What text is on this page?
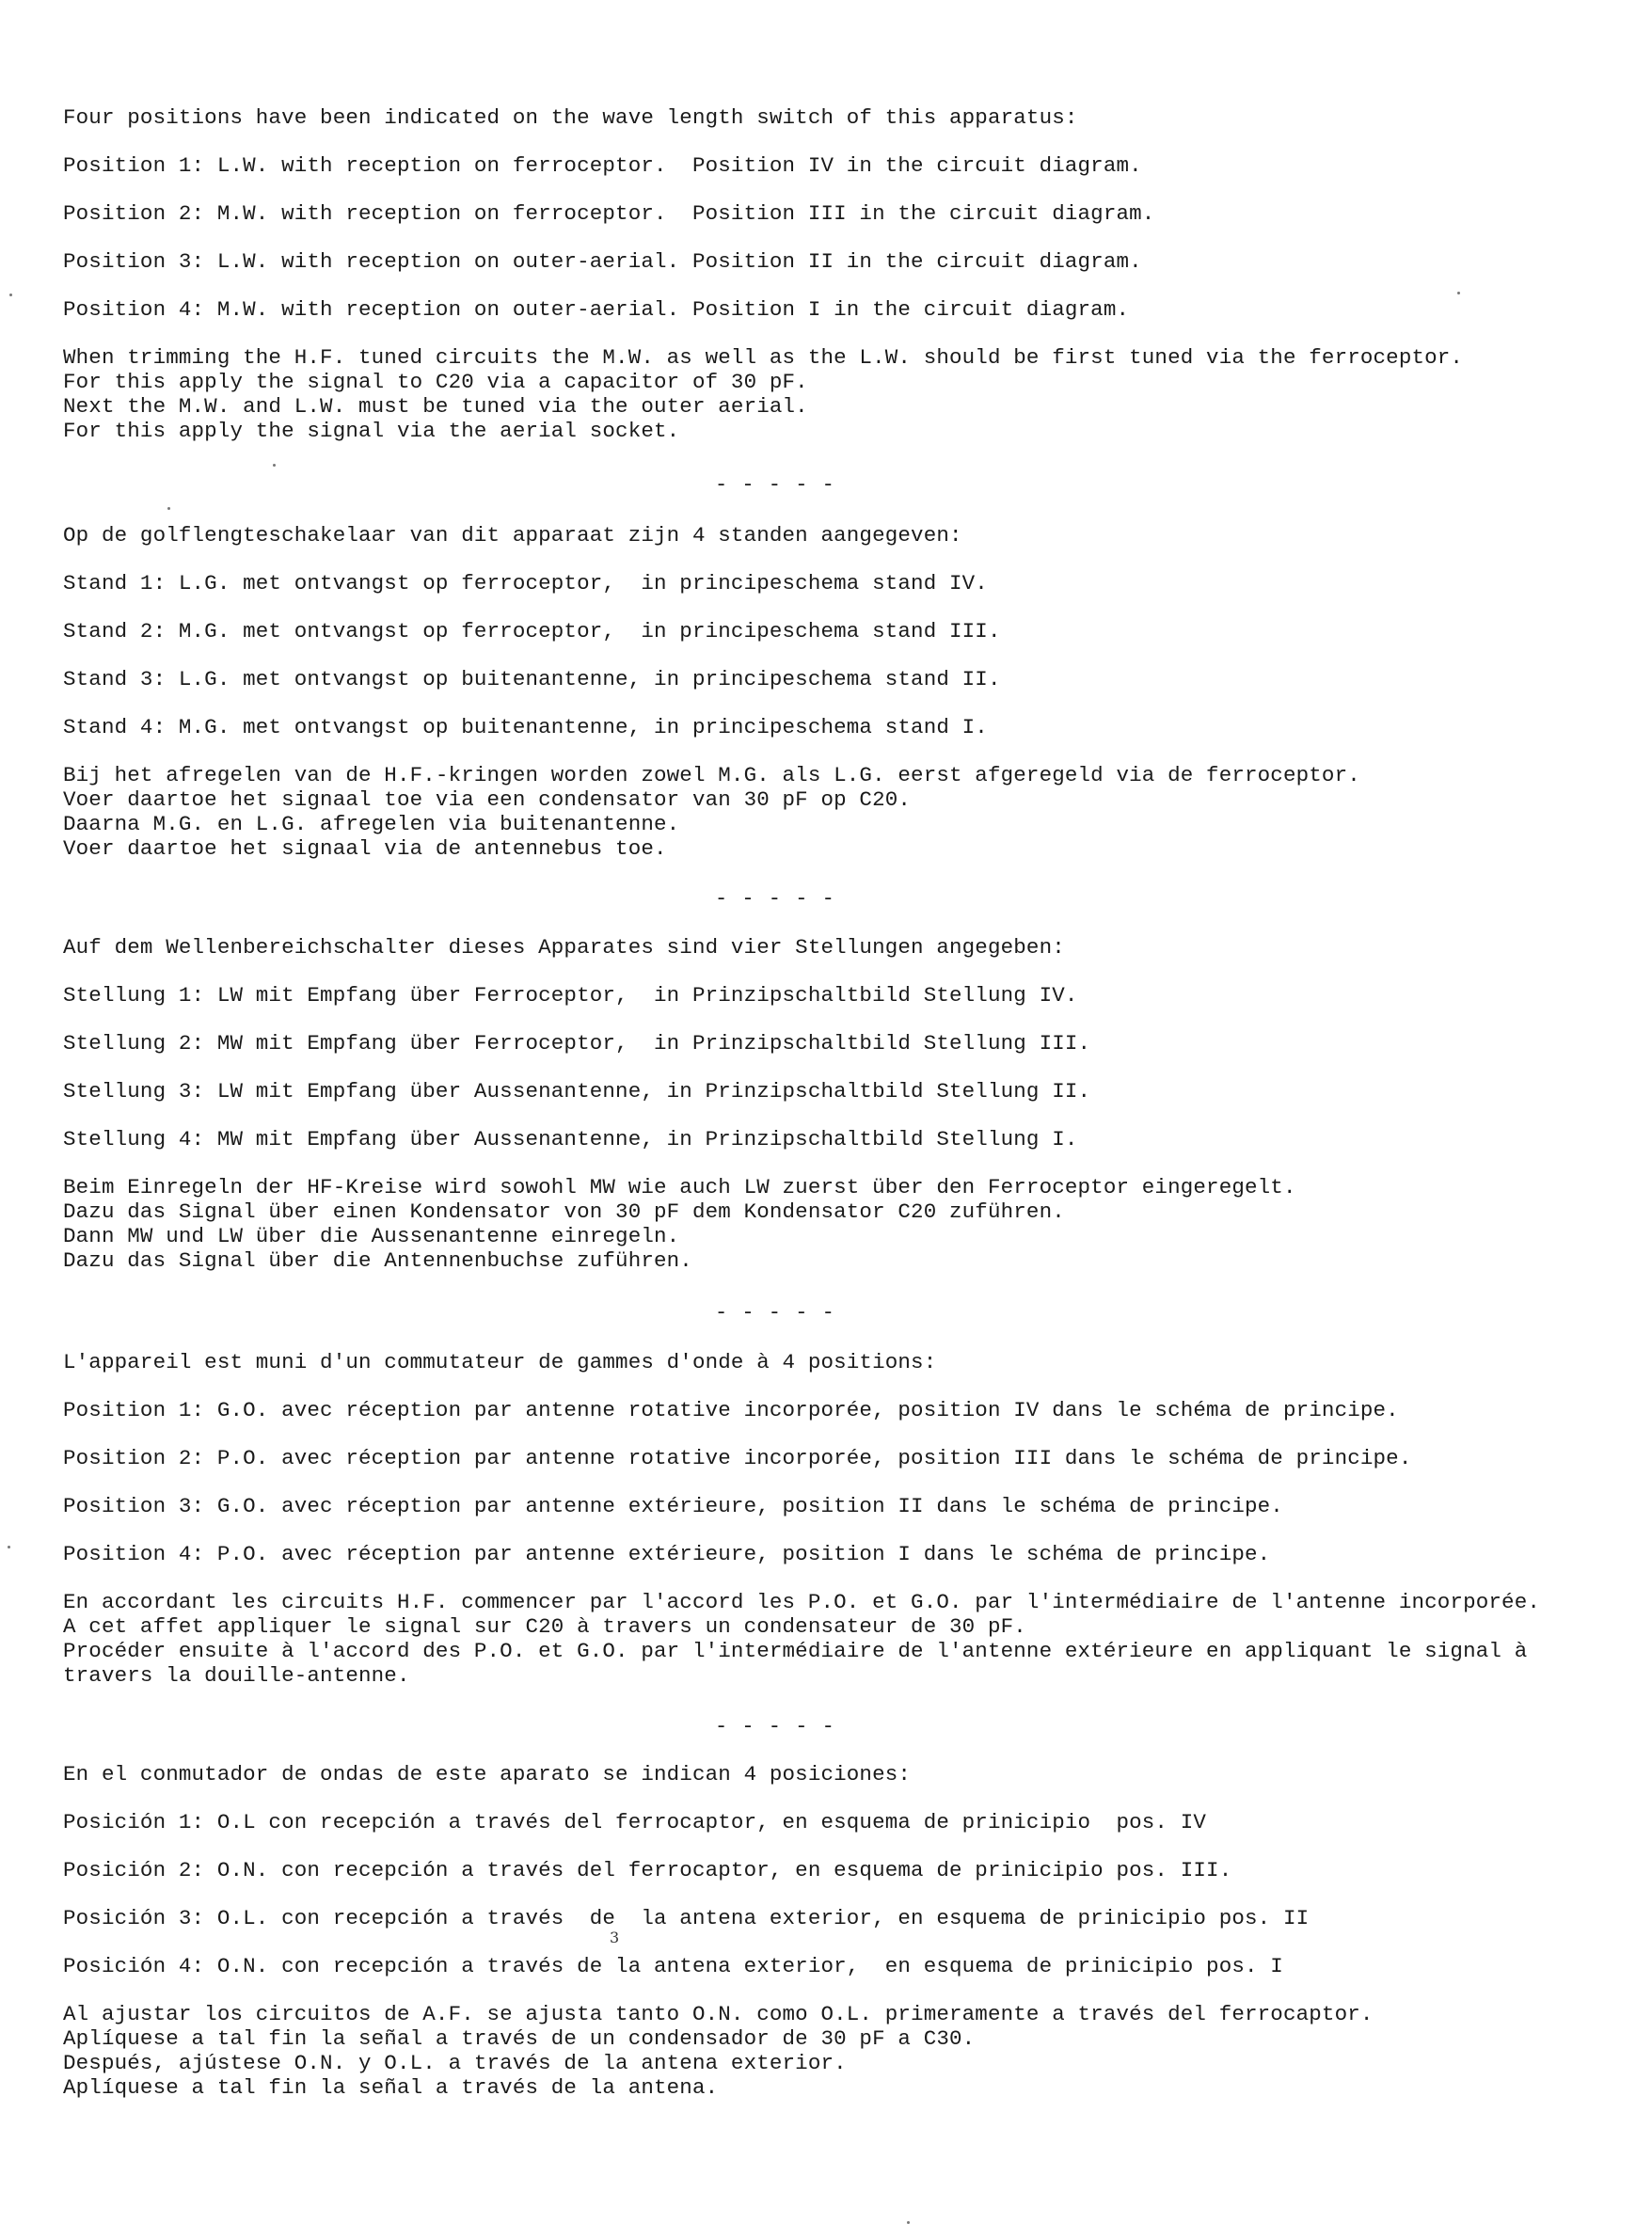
Four positions have been indicated on the wave length switch of this apparatus:
Position 1: L.W. with reception on ferroceptor.  Position IV in the circuit diagram.
Position 2: M.W. with reception on ferroceptor.  Position III in the circuit diagram.
Position 3: L.W. with reception on outer-aerial. Position II in the circuit diagram.
Position 4: M.W. with reception on outer-aerial. Position I in the circuit diagram.
When trimming the H.F. tuned circuits the M.W. as well as the L.W. should be first tuned via the ferroceptor.
For this apply the signal to C20 via a capacitor of 30 pF.
Next the M.W. and L.W. must be tuned via the outer aerial.
For this apply the signal via the aerial socket.
- - - - -
Op de golflengteschakelaar van dit apparaat zijn 4 standen aangegeven:
Stand 1: L.G. met ontvangst op ferroceptor,  in principeschema stand IV.
Stand 2: M.G. met ontvangst op ferroceptor,  in principeschema stand III.
Stand 3: L.G. met ontvangst op buitenantenne, in principeschema stand II.
Stand 4: M.G. met ontvangst op buitenantenne, in principeschema stand I.
Bij het afregelen van de H.F.-kringen worden zowel M.G. als L.G. eerst afgeregeld via de ferroceptor.
Voer daartoe het signaal toe via een condensator van 30 pF op C20.
Daarna M.G. en L.G. afregelen via buitenantenne.
Voer daartoe het signaal via de antennebus toe.
- - - - -
Auf dem Wellenbereichschalter dieses Apparates sind vier Stellungen angegeben:
Stellung 1: LW mit Empfang über Ferroceptor,  in Prinzipschaltbild Stellung IV.
Stellung 2: MW mit Empfang über Ferroceptor,  in Prinzipschaltbild Stellung III.
Stellung 3: LW mit Empfang über Aussenantenne, in Prinzipschaltbild Stellung II.
Stellung 4: MW mit Empfang über Aussenantenne, in Prinzipschaltbild Stellung I.
Beim Einregeln der HF-Kreise wird sowohl MW wie auch LW zuerst über den Ferroceptor eingeregelt.
Dazu das Signal über einen Kondensator von 30 pF dem Kondensator C20 zuführen.
Dann MW und LW über die Aussenantenne einregeln.
Dazu das Signal über die Antennenbuchse zuführen.
- - - - -
L'appareil est muni d'un commutateur de gammes d'onde à 4 positions:
Position 1: G.O. avec réception par antenne rotative incorporée, position IV dans le schéma de principe.
Position 2: P.O. avec réception par antenne rotative incorporée, position III dans le schéma de principe.
Position 3: G.O. avec réception par antenne extérieure, position II dans le schéma de principe.
Position 4: P.O. avec réception par antenne extérieure, position I dans le schéma de principe.
En accordant les circuits H.F. commencer par l'accord les P.O. et G.O. par l'intermédiaire de l'antenne incorporée.
A cet affet appliquer le signal sur C20 à travers un condensateur de 30 pF.
Procéder ensuite à l'accord des P.O. et G.O. par l'intermédiaire de l'antenne extérieure en appliquant le signal à
travers la douille-antenne.
- - - - -
En el conmutador de ondas de este aparato se indican 4 posiciones:
Posición 1: O.L con recepción a través del ferrocaptor, en esquema de prinicipio  pos. IV
Posición 2: O.N. con recepción a través del ferrocaptor, en esquema de prinicipio pos. III.
Posición 3: O.L. con recepción a través  de  la antena exterior, en esquema de prinicipio pos. II
Posición 4: O.N. con recepción a través de la antena exterior,  en esquema de prinicipio pos. I
Al ajustar los circuitos de A.F. se ajusta tanto O.N. como O.L. primeramente a través del ferrocaptor.
Aplíquese a tal fin la señal a través de un condensador de 30 pF a C30.
Después, ajústese O.N. y O.L. a través de la antena exterior.
Aplíquese a tal fin la señal a través de la antena.
3
